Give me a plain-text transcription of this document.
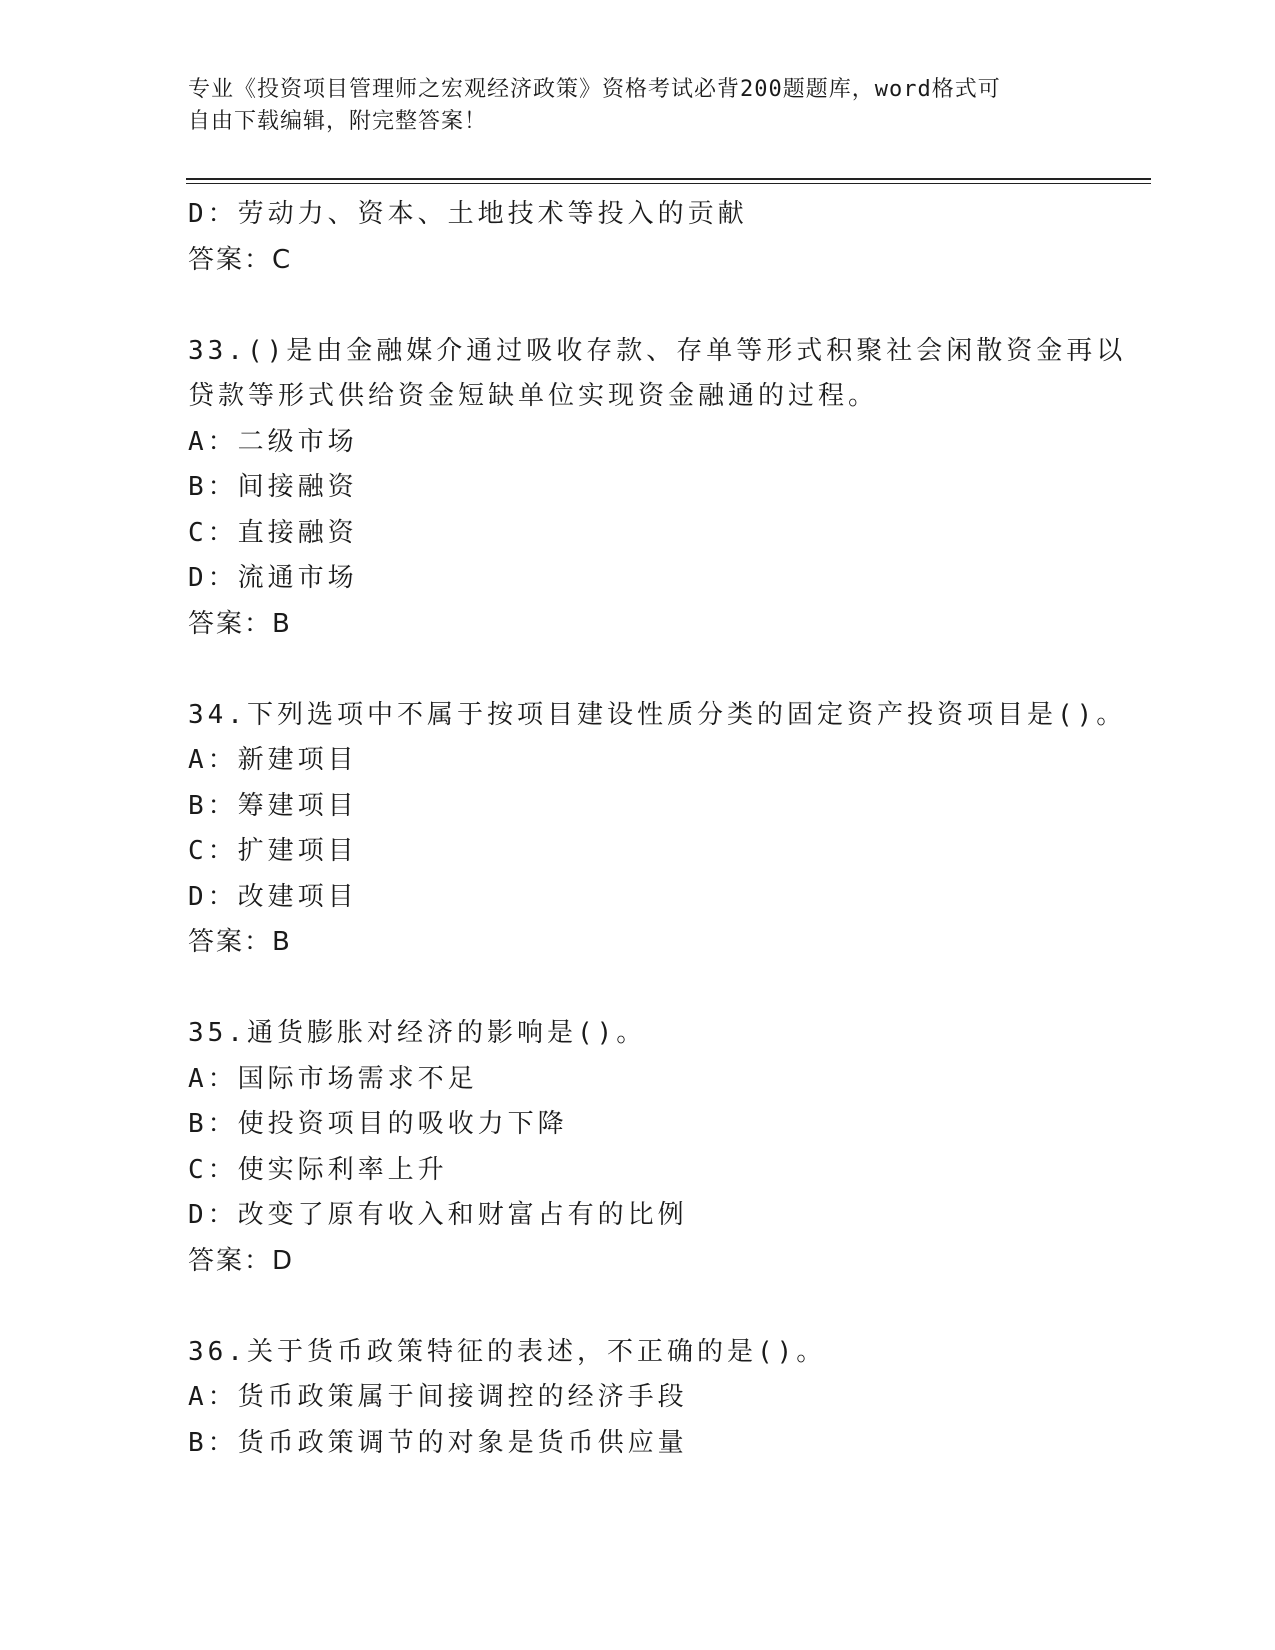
专业《投资项目管理师之宏观经济政策》资格考试必背200题题库，word格式可
自由下载编辑，附完整答案！
D：劳动力、资本、土地技术等投入的贡献
答案：C
33.()是由金融媒介通过吸收存款、存单等形式积聚社会闲散资金再以
贷款等形式供给资金短缺单位实现资金融通的过程。
A：二级市场
B：间接融资
C：直接融资
D：流通市场
答案：B
34.下列选项中不属于按项目建设性质分类的固定资产投资项目是()。
A：新建项目
B：筹建项目
C：扩建项目
D：改建项目
答案：B
35.通货膨胀对经济的影响是()。
A：国际市场需求不足
B：使投资项目的吸收力下降
C：使实际利率上升
D：改变了原有收入和财富占有的比例
答案：D
36.关于货币政策特征的表述，不正确的是()。
A：货币政策属于间接调控的经济手段
B：货币政策调节的对象是货币供应量
